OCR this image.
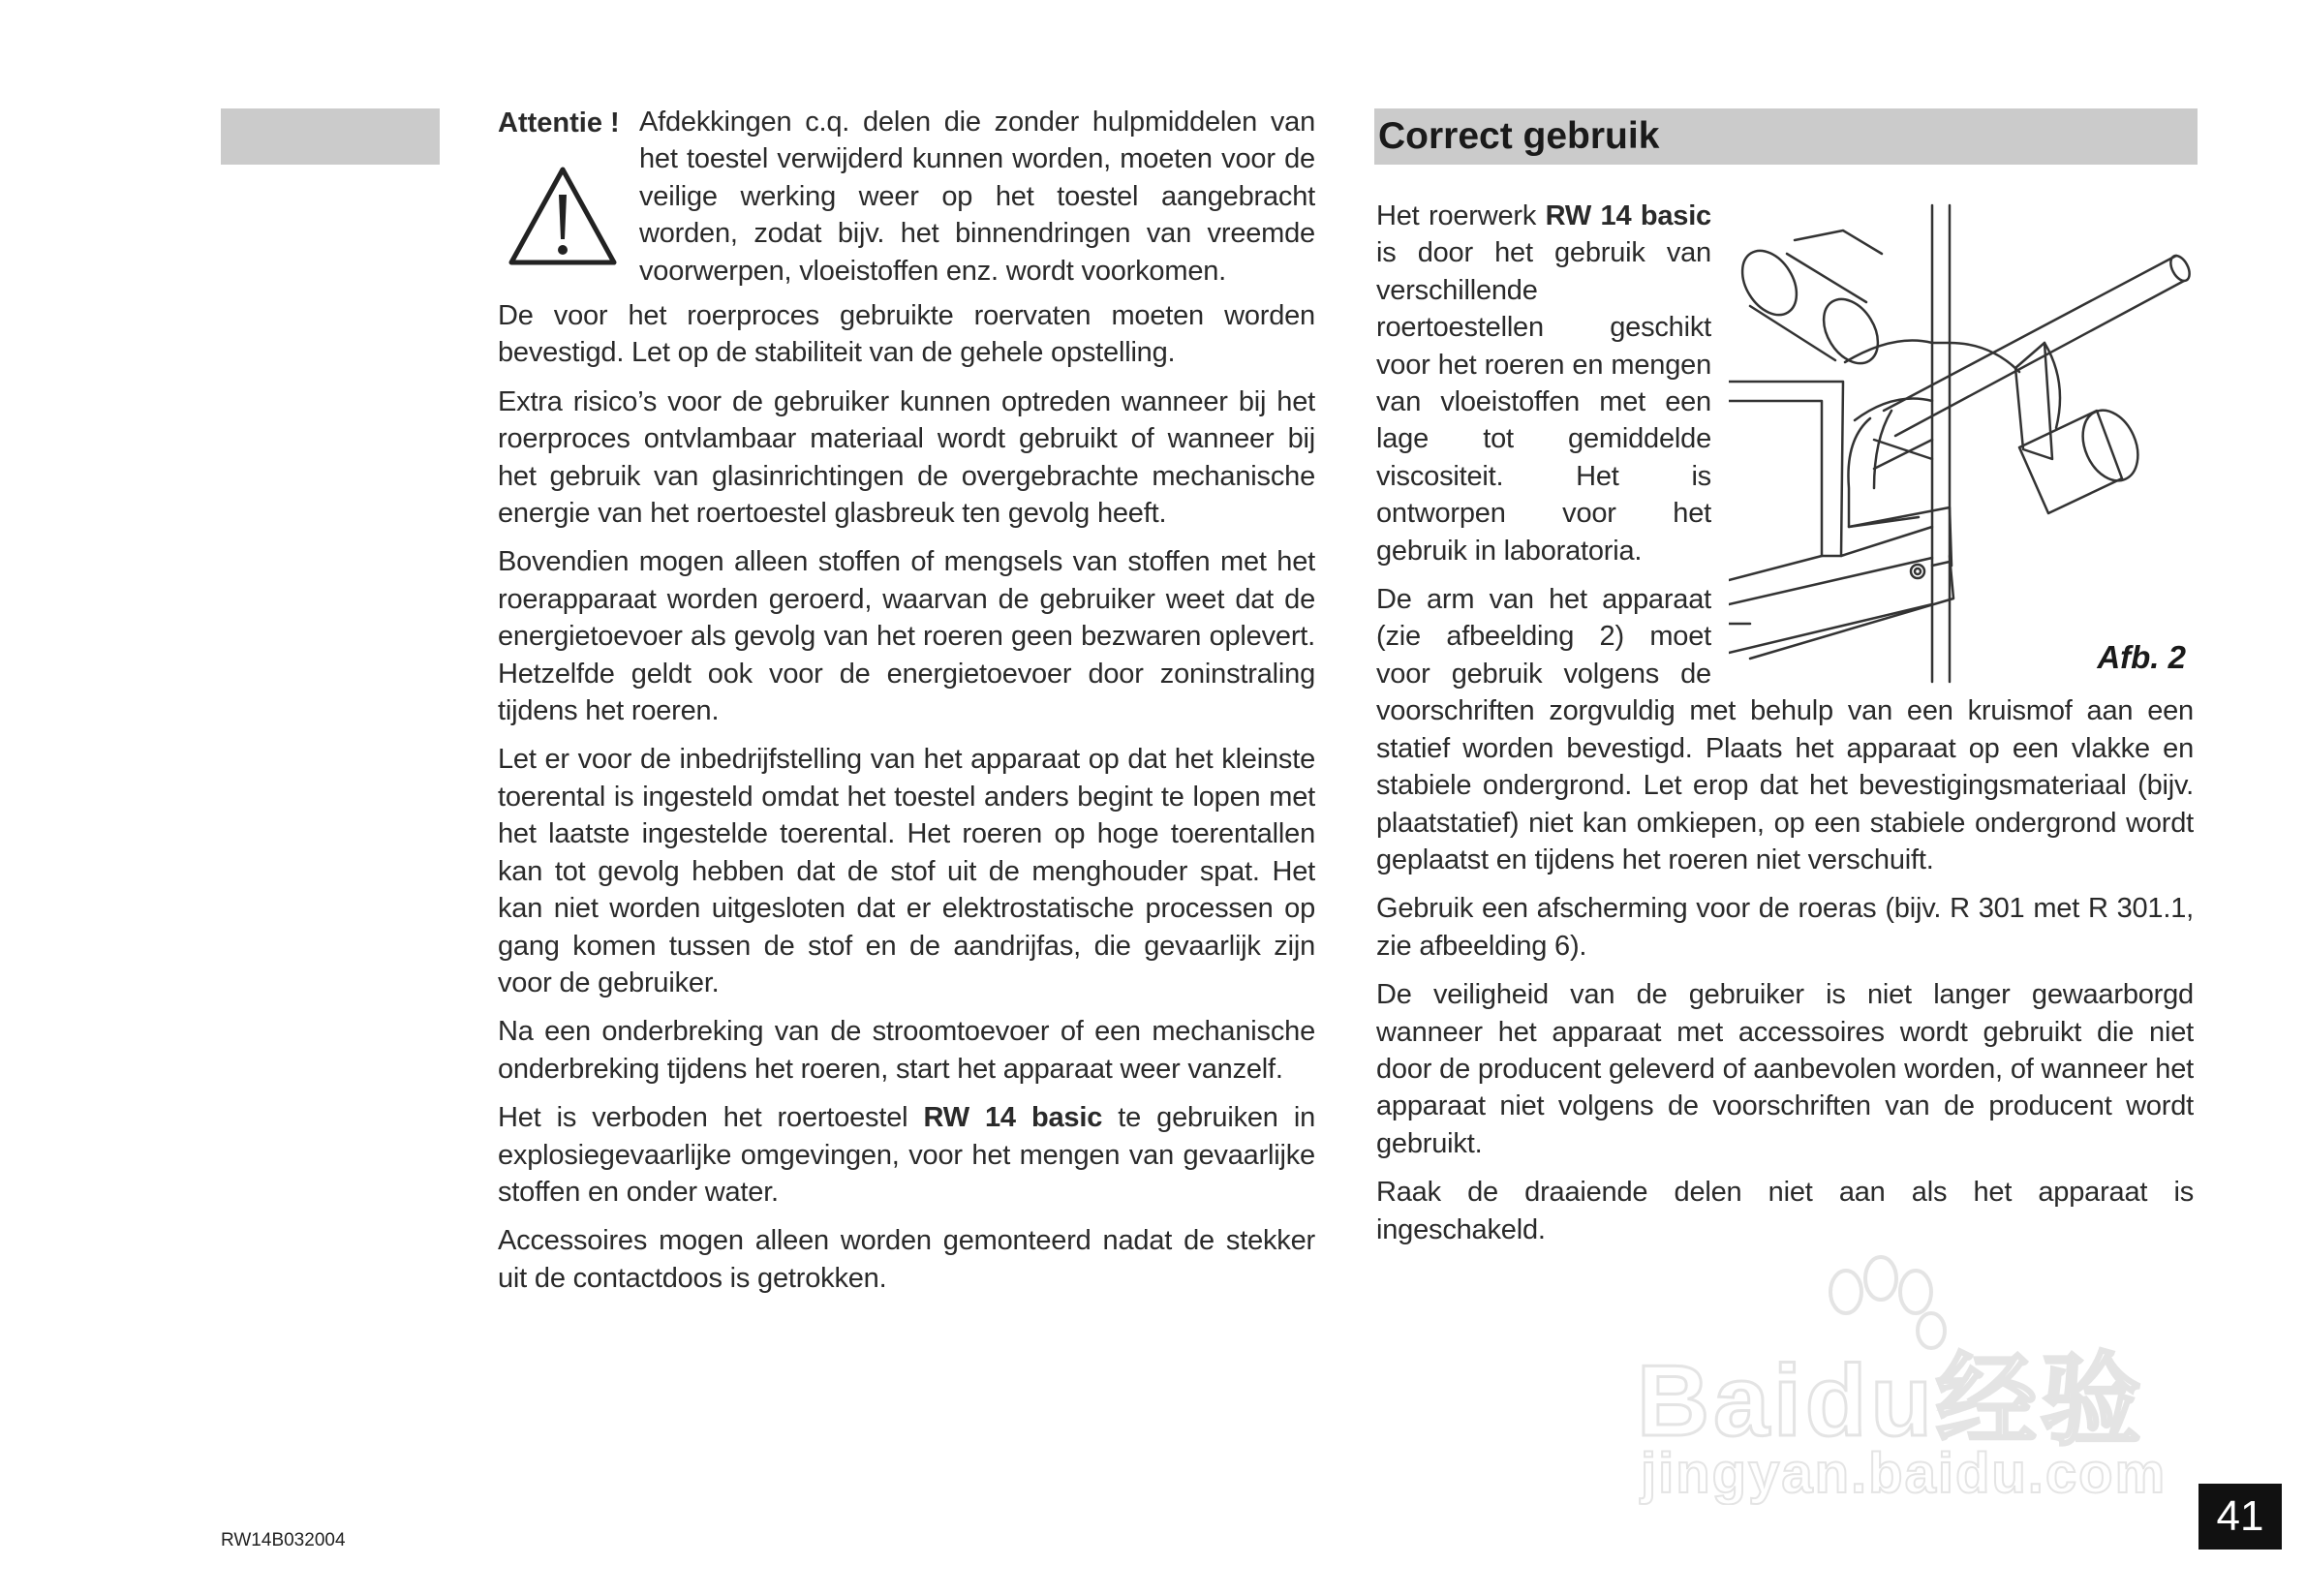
Attentie ! Afdekkingen c.q. delen die zonder hulpmiddelen van het toestel verwijderd kunnen worden, moeten voor de veilige werking weer op het toestel aangebracht worden, zodat bijv. het binnendringen van vreemde voorwerpen, vloeistoffen enz. wordt voorkomen.

De voor het roerproces gebruikte roervaten moeten worden bevestigd. Let op de stabiliteit van de gehele opstelling.

Extra risico’s voor de gebruiker kunnen optreden wanneer bij het roerproces ontvlambaar materiaal wordt gebruikt of wanneer bij het gebruik van glasinrichtingen de overgebrachte mechanische energie van het roertoestel glasbreuk ten gevolg heeft.

Bovendien mogen alleen stoffen of mengsels van stoffen met het roerapparaat worden geroerd, waarvan de gebruiker weet dat de energietoevoer als gevolg van het roeren geen bezwaren oplevert. Hetzelfde geldt ook voor de energietoevoer door zoninstraling tijdens het roeren.

Let er voor de inbedrijfstelling van het apparaat op dat het kleinste toerental is ingesteld omdat het toestel anders begint te lopen met het laatste ingestelde toerental. Het roeren op hoge toerentallen kan tot gevolg hebben dat de stof uit de menghouder spat. Het kan niet worden uitgesloten dat er elektrostatische processen op gang komen tussen de stof en de aandrijfas, die gevaarlijk zijn voor de gebruiker.

Na een onderbreking van de stroomtoevoer of een mechanische onderbreking tijdens het roeren, start het apparaat weer vanzelf.

Het is verboden het roertoestel RW 14 basic te gebruiken in explosiegevaarlijke omgevingen, voor het mengen van gevaarlijke stoffen en onder water.

Accessoires mogen alleen worden gemonteerd nadat de stekker uit de contactdoos is getrokken.

Correct gebruik
Afb. 2

Het roerwerk RW 14 basic is door het gebruik van verschillende roertoestellen geschikt voor het roeren en mengen van vloeistoffen met een lage tot gemiddelde viscositeit. Het is ontworpen voor het gebruik in laboratoria.

De arm van het apparaat (zie afbeelding 2) moet voor gebruik volgens de voorschriften zorgvuldig met behulp van een kruismof aan een statief worden bevestigd. Plaats het apparaat op een vlakke en stabiele ondergrond. Let erop dat het bevestigingsmateriaal (bijv. plaatstatief) niet kan omkiepen, op een stabiele ondergrond wordt geplaatst en tijdens het roeren niet verschuift.

Gebruik een afscherming voor de roeras (bijv. R 301 met R 301.1, zie afbeelding 6).

De veiligheid van de gebruiker is niet langer gewaarborgd wanneer het apparaat met accessoires wordt gebruikt die niet door de producent geleverd of aanbevolen worden, of wanneer het apparaat niet volgens de voorschriften van de producent wordt gebruikt.

Raak de draaiende delen niet aan als het apparaat is ingeschakeld.

Baidu经验
jingyan.baidu.com
RW14B032004
41
